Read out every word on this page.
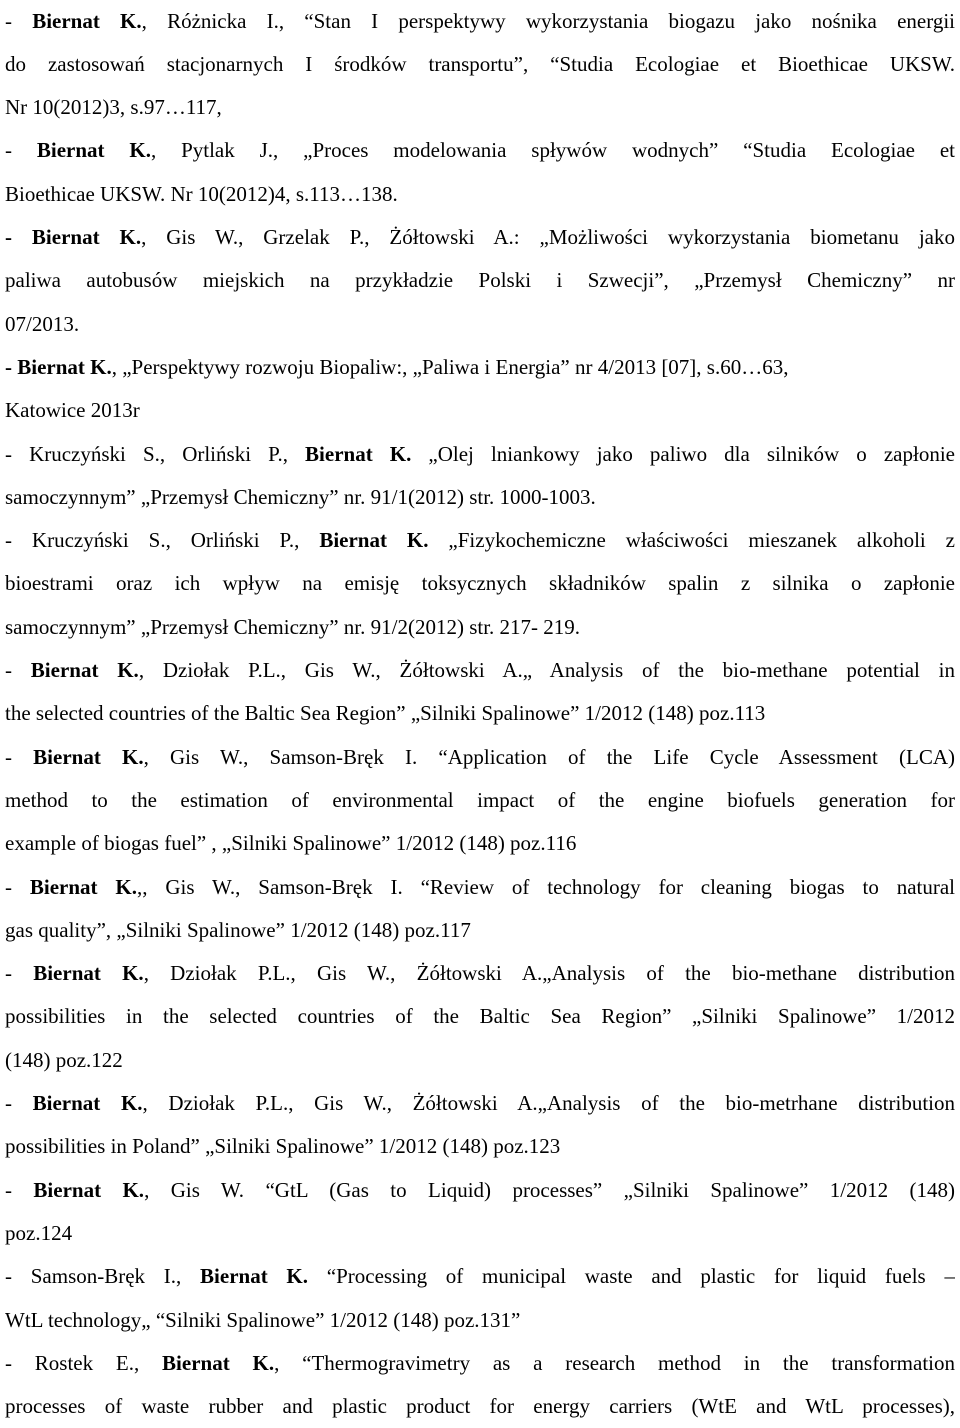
- Biernat K., Różnicka I., “Stan I perspektywy wykorzystania biogazu jako nośnika energii
do zastosowań stacjonarnych I środków transportu”, “Studia Ecologiae et Bioethicae UKSW.
Nr 10(2012)3, s.97…117,
- Biernat K., Pytlak J., „Proces modelowania spływów wodnych” “Studia Ecologiae et
Bioethicae UKSW. Nr 10(2012)4, s.113…138.
- Biernat K., Gis W., Grzelak P., Żółtowski A.: „Możliwości wykorzystania biometanu jako
paliwa autobusów miejskich na przykładzie Polski i Szwecji”, „Przemysł Chemiczny” nr
07/2013.
- Biernat K., „Perspektywy rozwoju Biopaliw:, „Paliwa i Energia” nr 4/2013 [07], s.60…63,
Katowice 2013r
- Kruczyński S., Orliński P., Biernat K. „Olej lniankowy jako paliwo dla silników o zapłonie
samoczynnym” „Przemysł Chemiczny” nr. 91/1(2012) str. 1000-1003.
- Kruczyński S., Orliński P., Biernat K. „Fizykochemiczne właściwości mieszanek alkoholi z
bioestrami oraz ich wpływ na emisję toksycznych składników spalin z silnika o zapłonie
samoczynnym” „Przemysł Chemiczny” nr. 91/2(2012) str. 217- 219.
- Biernat K., Dziołak P.L., Gis W., Żółtowski A.„ Analysis of the bio-methane potential in
the selected countries of the Baltic Sea Region” „Silniki Spalinowe” 1/2012 (148) poz.113
- Biernat K., Gis W., Samson-Bręk I. “Application of the Life Cycle Assessment (LCA)
method to the estimation of environmental impact of the engine biofuels generation for
example of biogas fuel” , „Silniki Spalinowe” 1/2012 (148) poz.116
- Biernat K.,, Gis W., Samson-Bręk I. “Review of technology for cleaning biogas to natural
gas quality”, „Silniki Spalinowe” 1/2012 (148) poz.117
- Biernat K., Dziołak P.L., Gis W., Żółtowski A.„Analysis of the bio-methane distribution
possibilities in the selected countries of the Baltic Sea Region” „Silniki Spalinowe” 1/2012
(148) poz.122
- Biernat K., Dziołak P.L., Gis W., Żółtowski A.„Analysis of the bio-metrhane distribution
possibilities in Poland” „Silniki Spalinowe” 1/2012 (148) poz.123
- Biernat K., Gis W. “GtL (Gas to Liquid) processes” „Silniki Spalinowe” 1/2012 (148)
poz.124
- Samson-Bręk I., Biernat K. “Processing of municipal waste and plastic for liquid fuels –
WtL technology„ “Silniki Spalinowe” 1/2012 (148) poz.131”
- Rostek E., Biernat K., “Thermogravimetry as a research method in the transformation
processes of waste rubber and plastic product for energy carriers (WtE and WtL processes),
